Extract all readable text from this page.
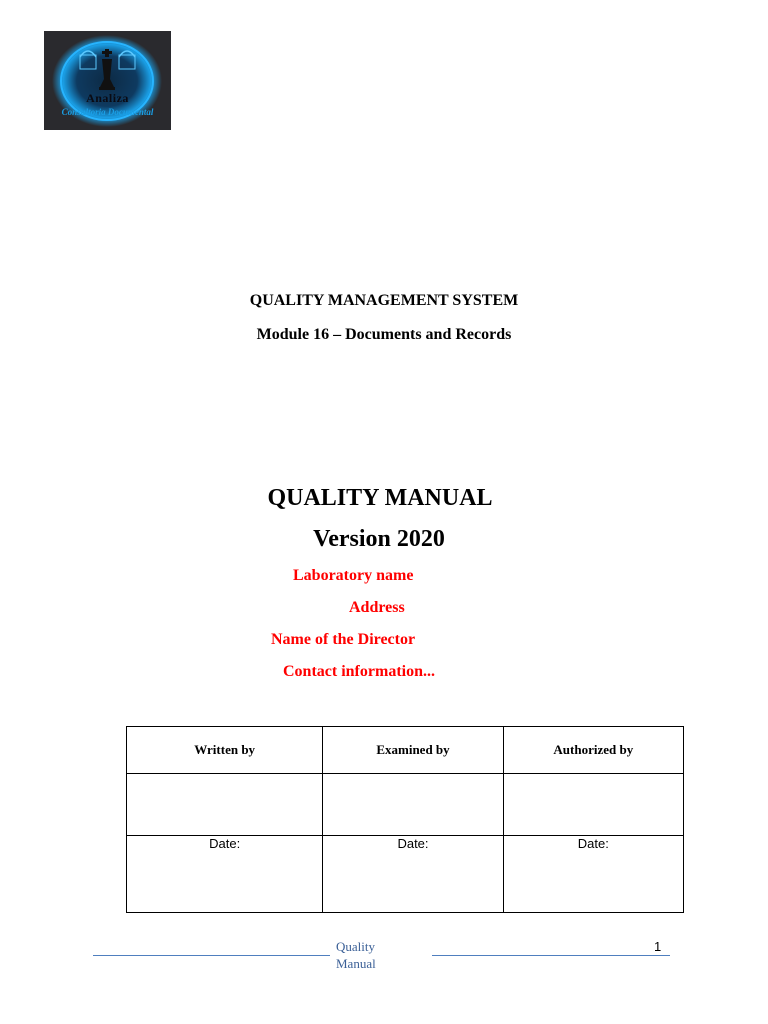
Analiza
Consultoria Documental
QUALITY MANAGEMENT SYSTEM
Module 16 – Documents and Records
QUALITY MANUAL
Version 2020
Laboratory name
Address
Name of the Director
Contact information...
Written by	Examined by	Authorized by

Date:	Date:	Date:
Quality Manual
1
